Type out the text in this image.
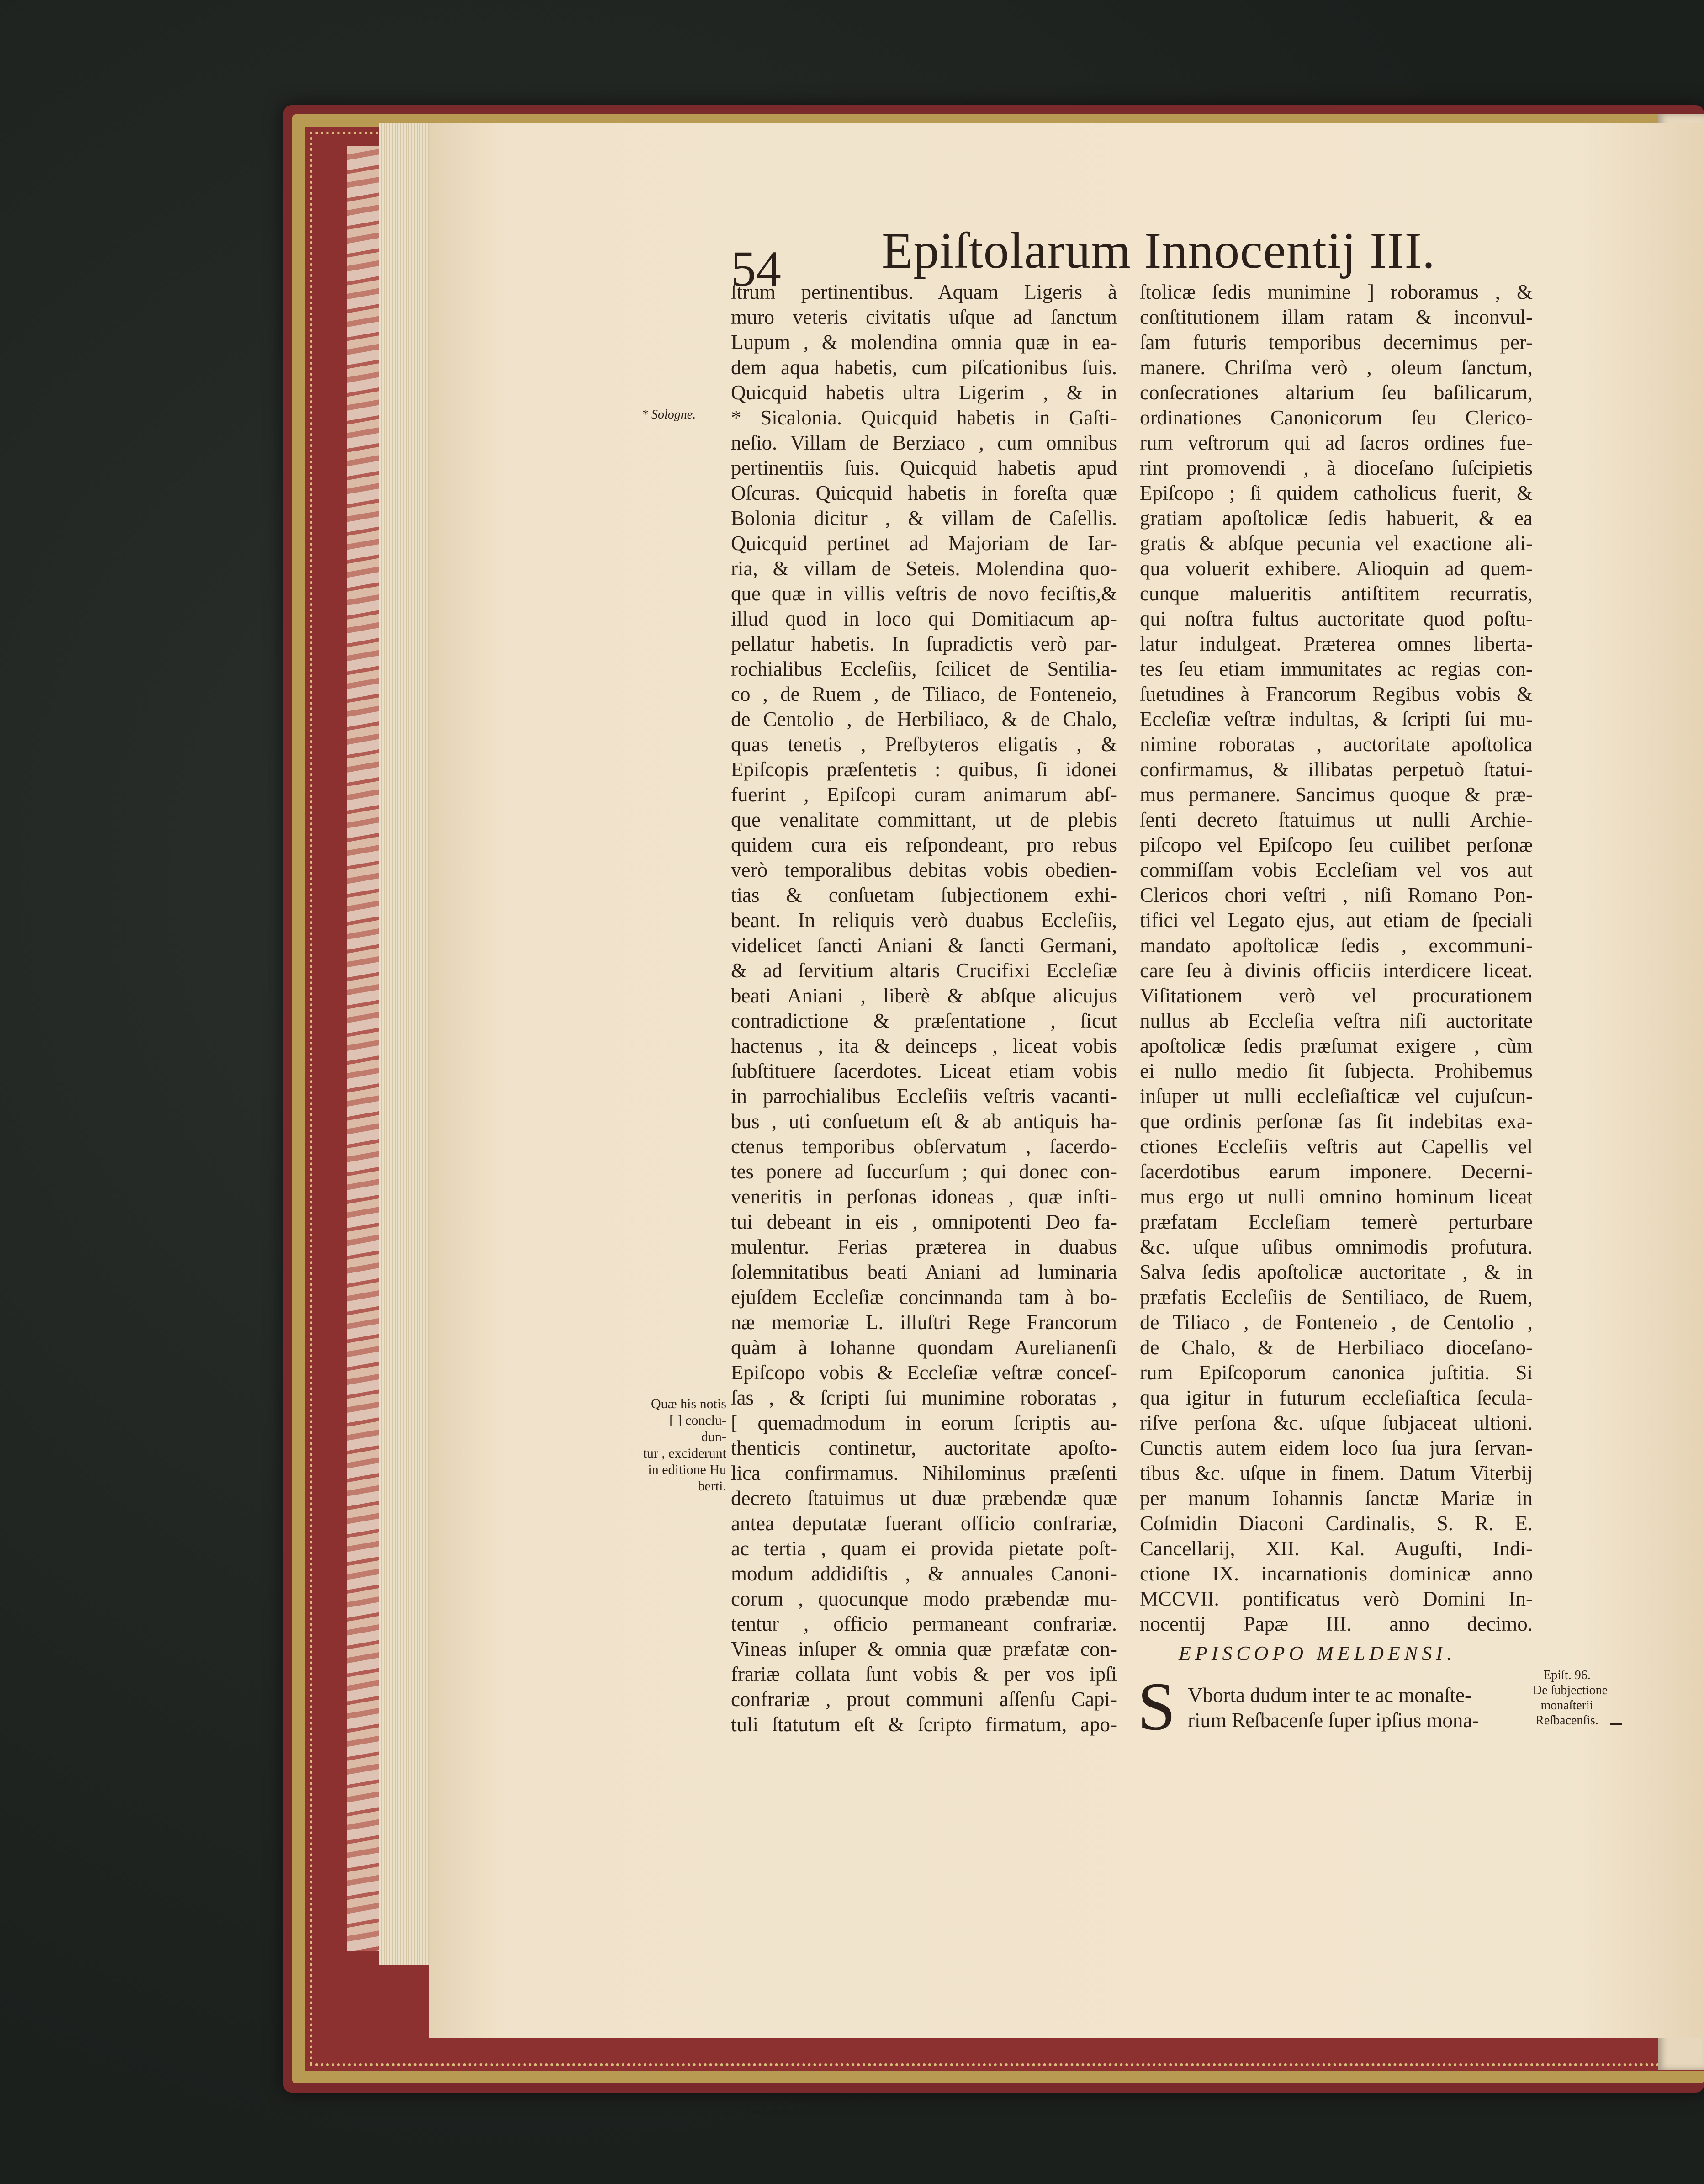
54 Epiſtolarum Innocentij III.
ſtrum pertinentibus. Aquam Ligeris à
muro veteris civitatis uſque ad ſanctum
Lupum , & molendina omnia quæ in ea-
dem aqua habetis, cum piſcationibus ſuis.
Quicquid habetis ultra Ligerim , & in
* Sicalonia. Quicquid habetis in Gaſti-
neſio. Villam de Berziaco , cum omnibus
pertinentiis ſuis. Quicquid habetis apud
Oſcuras. Quicquid habetis in foreſta quæ
Bolonia dicitur , & villam de Caſellis.
Quicquid pertinet ad Majoriam de Iar-
ria, & villam de Seteis. Molendina quo-
que quæ in villis veſtris de novo feciſtis,&
illud quod in loco qui Domitiacum ap-
pellatur habetis. In ſupradictis verò par-
rochialibus Eccleſiis, ſcilicet de Sentilia-
co , de Ruem , de Tiliaco, de Fonteneio,
de Centolio , de Herbiliaco, & de Chalo,
quas tenetis , Preſbyteros eligatis , &
Epiſcopis præſentetis : quibus, ſi idonei
fuerint , Epiſcopi curam animarum abſ-
que venalitate committant, ut de plebis
quidem cura eis reſpondeant, pro rebus
verò temporalibus debitas vobis obedien-
tias & conſuetam ſubjectionem exhi-
beant. In reliquis verò duabus Eccleſiis,
videlicet ſancti Aniani & ſancti Germani,
& ad ſervitium altaris Crucifixi Eccleſiæ
beati Aniani , liberè & abſque alicujus
contradictione & præſentatione , ſicut
hactenus , ita & deinceps , liceat vobis
ſubſtituere ſacerdotes. Liceat etiam vobis
in parrochialibus Eccleſiis veſtris vacanti-
bus , uti conſuetum eſt & ab antiquis ha-
ctenus temporibus obſervatum , ſacerdo-
tes ponere ad ſuccurſum ; qui donec con-
veneritis in perſonas idoneas , quæ inſti-
tui debeant in eis , omnipotenti Deo fa-
mulentur. Ferias præterea in duabus
ſolemnitatibus beati Aniani ad luminaria
ejuſdem Eccleſiæ concinnanda tam à bo-
næ memoriæ L. illuſtri Rege Francorum
quàm à Iohanne quondam Aurelianenſi
Epiſcopo vobis & Eccleſiæ veſtræ conceſ-
ſas , & ſcripti ſui munimine roboratas ,
[ quemadmodum in eorum ſcriptis au-
thenticis continetur, auctoritate apoſto-
lica confirmamus. Nihilominus præſenti
decreto ſtatuimus ut duæ præbendæ quæ
antea deputatæ fuerant officio confrariæ,
ac tertia , quam ei provida pietate poſt-
modum addidiſtis , & annuales Canoni-
corum , quocunque modo præbendæ mu-
tentur , officio permaneant confrariæ.
Vineas inſuper & omnia quæ præfatæ con-
frariæ collata ſunt vobis & per vos ipſi
confrariæ , prout communi aſſenſu Capi-
tuli ſtatutum eſt & ſcripto firmatum, apo-
ſtolicæ ſedis munimine ] roboramus , &
conſtitutionem illam ratam & inconvul-
ſam futuris temporibus decernimus per-
manere. Chriſma verò , oleum ſanctum,
conſecrationes altarium ſeu baſilicarum,
ordinationes Canonicorum ſeu Clerico-
rum veſtrorum qui ad ſacros ordines fue-
rint promovendi , à dioceſano ſuſcipietis
Epiſcopo ; ſi quidem catholicus fuerit, &
gratiam apoſtolicæ ſedis habuerit, & ea
gratis & abſque pecunia vel exactione ali-
qua voluerit exhibere. Alioquin ad quem-
cunque malueritis antiſtitem recurratis,
qui noſtra fultus auctoritate quod poſtu-
latur indulgeat. Præterea omnes liberta-
tes ſeu etiam immunitates ac regias con-
ſuetudines à Francorum Regibus vobis &
Eccleſiæ veſtræ indultas, & ſcripti ſui mu-
nimine roboratas , auctoritate apoſtolica
confirmamus, & illibatas perpetuò ſtatui-
mus permanere. Sancimus quoque & præ-
ſenti decreto ſtatuimus ut nulli Archie-
piſcopo vel Epiſcopo ſeu cuilibet perſonæ
commiſſam vobis Eccleſiam vel vos aut
Clericos chori veſtri , niſi Romano Pon-
tifici vel Legato ejus, aut etiam de ſpeciali
mandato apoſtolicæ ſedis , excommuni-
care ſeu à divinis officiis interdicere liceat.
Viſitationem verò vel procurationem
nullus ab Eccleſia veſtra niſi auctoritate
apoſtolicæ ſedis præſumat exigere , cùm
ei nullo medio ſit ſubjecta. Prohibemus
inſuper ut nulli eccleſiaſticæ vel cujuſcun-
que ordinis perſonæ fas ſit indebitas exa-
ctiones Eccleſiis veſtris aut Capellis vel
ſacerdotibus earum imponere. Decerni-
mus ergo ut nulli omnino hominum liceat
præfatam Eccleſiam temerè perturbare
&c. uſque uſibus omnimodis profutura.
Salva ſedis apoſtolicæ auctoritate , & in
præfatis Eccleſiis de Sentiliaco, de Ruem,
de Tiliaco , de Fonteneio , de Centolio ,
de Chalo, & de Herbiliaco dioceſano-
rum Epiſcoporum canonica juſtitia. Si
qua igitur in futurum eccleſiaſtica ſecula-
riſve perſona &c. uſque ſubjaceat ultioni.
Cunctis autem eidem loco ſua jura ſervan-
tibus &c. uſque in finem. Datum Viterbij
per manum Iohannis ſanctæ Mariæ in
Coſmidin Diaconi Cardinalis, S. R. E.
Cancellarij, XII. Kal. Auguſti, Indi-
ctione IX. incarnationis dominicæ anno
MCCVII. pontificatus verò Domini In-
nocentij Papæ III. anno decimo.
* Sologne.
Quæ his notis
[ ] conclu-
dun-
tur , exciderunt
in editione Hu
berti.
EPISCOPO MELDENSI.
S Vborta dudum inter te ac monaſte-
rium Reſbacenſe ſuper ipſius mona-
Epiſt. 96.
De ſubjectione
monaſterii
Reſbacenſis.
